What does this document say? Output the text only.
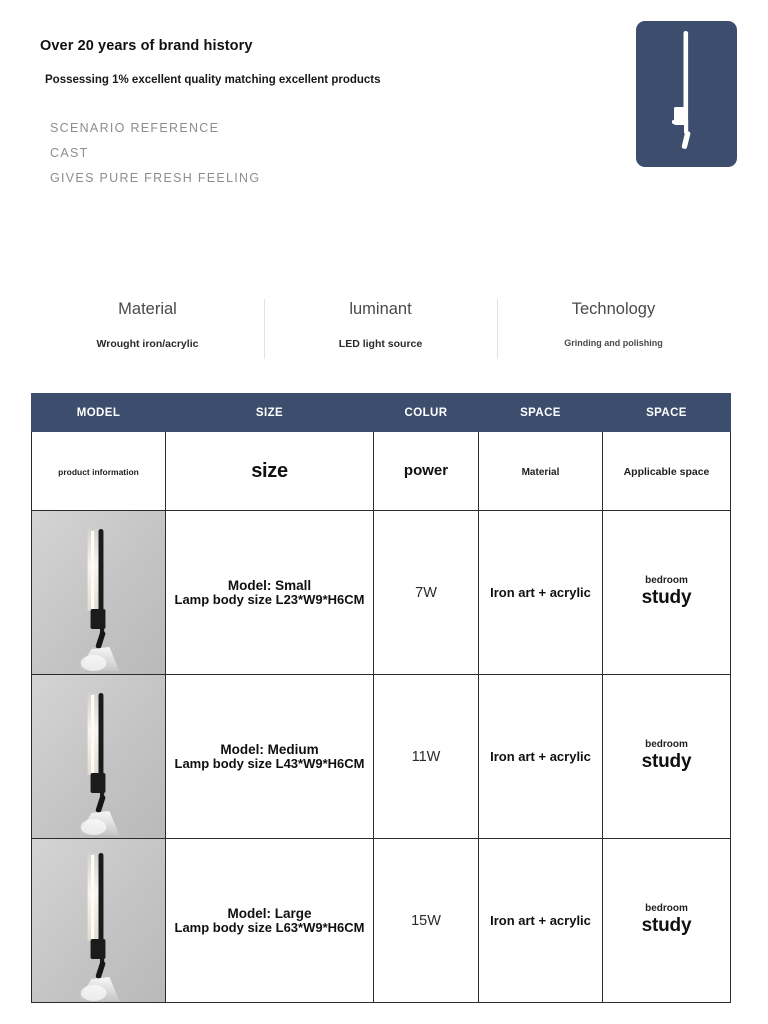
Over 20 years of brand history

Possessing 1% excellent quality matching excellent products

SCENARIO REFERENCE
CAST
GIVES PURE FRESH FEELING
Material
Wrought iron/acrylic
luminant
LED light source
Technology
Grinding and polishing
MODEL	SIZE	COLUR	SPACE	SPACE
product information	size	power	Material	Applicable space

Model: Small
Lamp body size L23*W9*H6CM	7W	Iron art + acrylic	bedroom
study

Model: Medium
Lamp body size L43*W9*H6CM	11W	Iron art + acrylic	bedroom
study

Model: Large
Lamp body size L63*W9*H6CM	15W	Iron art + acrylic	bedroom
study
